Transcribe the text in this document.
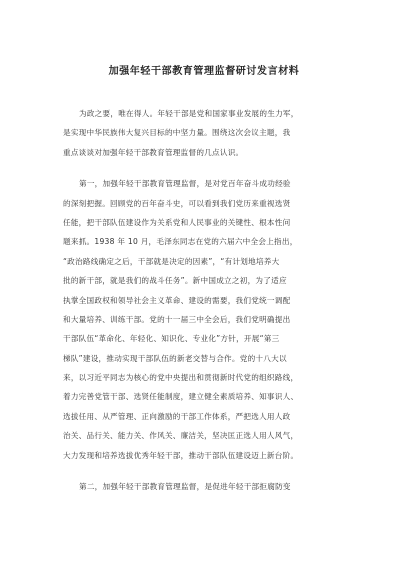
加强年轻干部教育管理监督研讨发言材料
为政之要，唯在得人。年轻干部是党和国家事业发展的生力军，
是实现中华民族伟大复兴目标的中坚力量。围绕这次会议主题，我
重点谈谈对加强年轻干部教育管理监督的几点认识。
第一，加强年轻干部教育管理监督，是对党百年奋斗成功经验
的深刻把握。回顾党的百年奋斗史，可以看到我们党历来重视选贤
任能，把干部队伍建设作为关系党和人民事业的关键性、根本性问
题来抓。1938 年 10 月，毛泽东同志在党的六届六中全会上指出，
“政治路线确定之后，干部就是决定的因素”，“有计划地培养大
批的新干部，就是我们的战斗任务”。新中国成立之初，为了适应
执掌全国政权和领导社会主义革命、建设的需要，我们党统一调配
和大量培养、训练干部。党的十一届三中全会后，我们党明确提出
干部队伍“革命化、年轻化、知识化、专业化”方针，开展“第三
梯队”建设，推动实现干部队伍的新老交替与合作。党的十八大以
来，以习近平同志为核心的党中央提出和贯彻新时代党的组织路线，
着力完善党管干部、选贤任能制度，建立健全素质培养、知事识人、
选拔任用、从严管理、正向激励的干部工作体系，严把选人用人政
治关、品行关、能力关、作风关、廉洁关，坚决匡正选人用人风气，
大力发现和培养选拔优秀年轻干部，推动干部队伍建设迈上新台阶。
第二，加强年轻干部教育管理监督，是促进年轻干部拒腐防变
